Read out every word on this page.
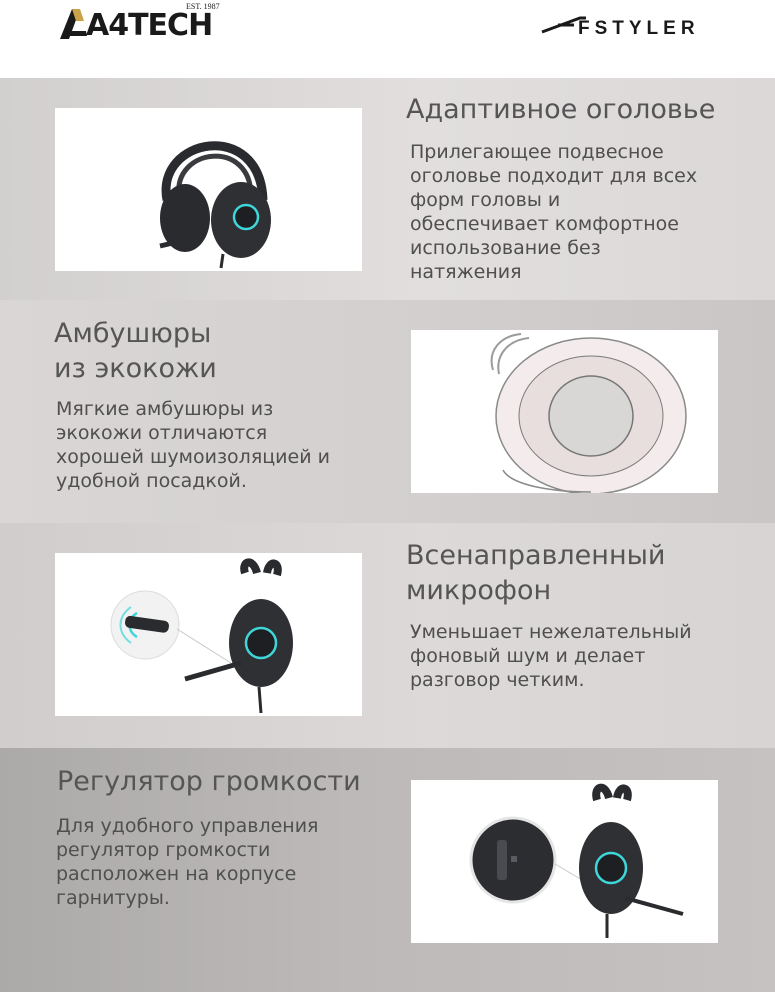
A4TECH
EST. 1987
FSTYLER
Адаптивное оголовье
Прилегающее подвесное
оголовье подходит для всех
форм головы и
обеспечивает комфортное
использование без
натяжения
Амбушюры
из экокожи
Мягкие амбушюры из
экокожи отличаются
хорошей шумоизоляцией и
удобной посадкой.
Всенаправленный
микрофон
Уменьшает нежелательный
фоновый шум и делает
разговор четким.
Регулятор громкости
Для удобного управления
регулятор громкости
расположен на корпусе
гарнитуры.
